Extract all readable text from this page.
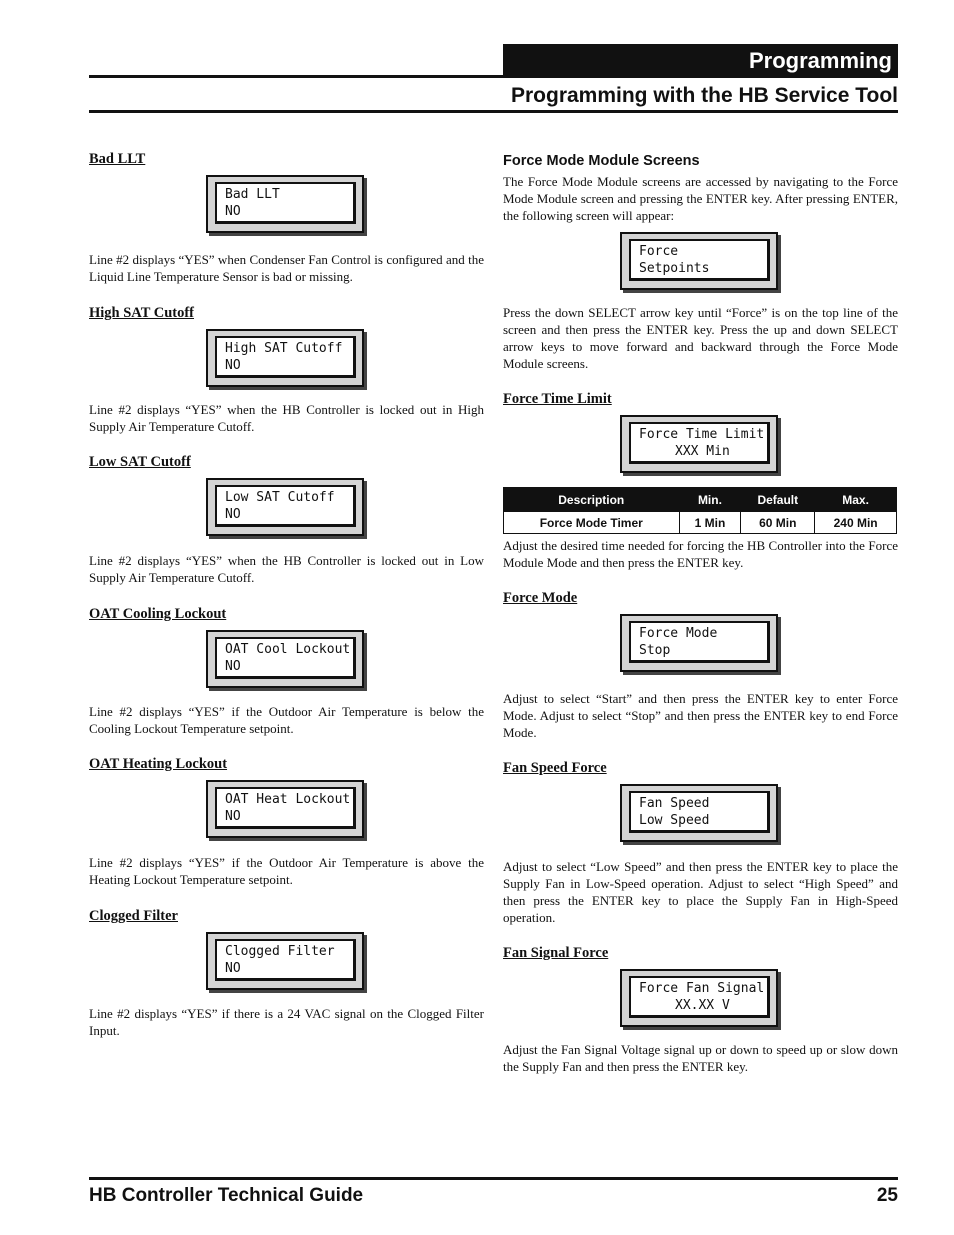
Programming
Programming with the HB Service Tool
Bad LLT
Bad LLT
NO
Line #2 displays “YES” when Condenser Fan Control is configured and the Liquid Line Temperature Sensor is bad or missing.
High SAT Cutoff
High SAT Cutoff
NO
Line #2 displays “YES” when the HB Controller is locked out in High Supply Air Temperature Cutoff.
Low SAT Cutoff
Low SAT Cutoff
NO
Line #2 displays “YES” when the HB Controller is locked out in Low Supply Air Temperature Cutoff.
OAT Cooling Lockout
OAT Cool Lockout
NO
Line #2 displays “YES” if the Outdoor Air Temperature is below the Cooling Lockout Temperature setpoint.
OAT Heating Lockout
OAT Heat Lockout
NO
Line #2 displays “YES” if the Outdoor Air Temperature is above the Heating Lockout Temperature setpoint.
Clogged Filter
Clogged Filter
NO
Line #2 displays “YES” if there is a 24 VAC signal on the Clogged Filter Input.
Force Mode Module Screens
The Force Mode Module screens are accessed by navigating to the Force Mode Module screen and pressing the ENTER key. After pressing ENTER, the following screen will appear:
Force
Setpoints
Press the down SELECT arrow key until “Force” is on the top line of the screen and then press the ENTER key. Press the up and down SELECT arrow keys to move forward and backward through the Force Mode Module screens.
Force Time Limit
Force Time Limit
XXX Min
Description	Min.	Default	Max.
Force Mode Timer	1 Min	60 Min	240 Min
Adjust the desired time needed for forcing the HB Controller into the Force Module Mode and then press the ENTER key.
Force Mode
Force Mode
Stop
Adjust to select “Start” and then press the ENTER key to enter Force Mode. Adjust to select “Stop” and then press the ENTER key to end Force Mode.
Fan Speed Force
Fan Speed
Low Speed
Adjust to select “Low Speed” and then press the ENTER key to place the Supply Fan in Low-Speed operation. Adjust to select “High Speed” and then press the ENTER key to place the Supply Fan in High-Speed operation.
Fan Signal Force
Force Fan Signal
XX.XX V
Adjust the Fan Signal Voltage signal up or down to speed up or slow down the Supply Fan and then press the ENTER key.
HB Controller Technical Guide	25
